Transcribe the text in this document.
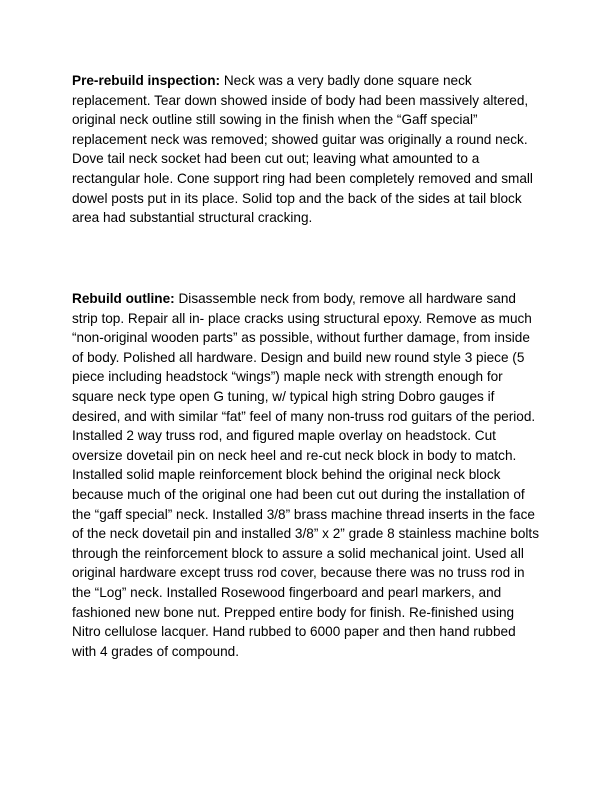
Pre-rebuild inspection: Neck was a very badly done square neck replacement. Tear down showed inside of body had been massively altered, original neck outline still sowing in the finish when the “Gaff special” replacement neck was removed; showed guitar was originally a round neck. Dove tail neck socket had been cut out; leaving what amounted to a rectangular hole. Cone support ring had been completely removed and small dowel posts put in its place. Solid top and the back of the sides at tail block area had substantial structural cracking.

Rebuild outline: Disassemble neck from body, remove all hardware sand strip top. Repair all in- place cracks using structural epoxy. Remove as much “non-original wooden parts” as possible, without further damage, from inside of body. Polished all hardware. Design and build new round style 3 piece (5 piece including headstock “wings”) maple neck with strength enough for square neck type open G tuning, w/ typical high string Dobro gauges if desired, and with similar “fat” feel of many non-truss rod guitars of the period. Installed 2 way truss rod, and figured maple overlay on headstock. Cut oversize dovetail pin on neck heel and re-cut neck block in body to match. Installed solid maple reinforcement block behind the original neck block because much of the original one had been cut out during the installation of the “gaff special” neck. Installed 3/8” brass machine thread inserts in the face of the neck dovetail pin and installed 3/8” x 2” grade 8 stainless machine bolts through the reinforcement block to assure a solid mechanical joint. Used all original hardware except truss rod cover, because there was no truss rod in the “Log” neck. Installed Rosewood fingerboard and pearl markers, and fashioned new bone nut. Prepped entire body for finish. Re-finished using Nitro cellulose lacquer. Hand rubbed to 6000 paper and then hand rubbed with 4 grades of compound.
